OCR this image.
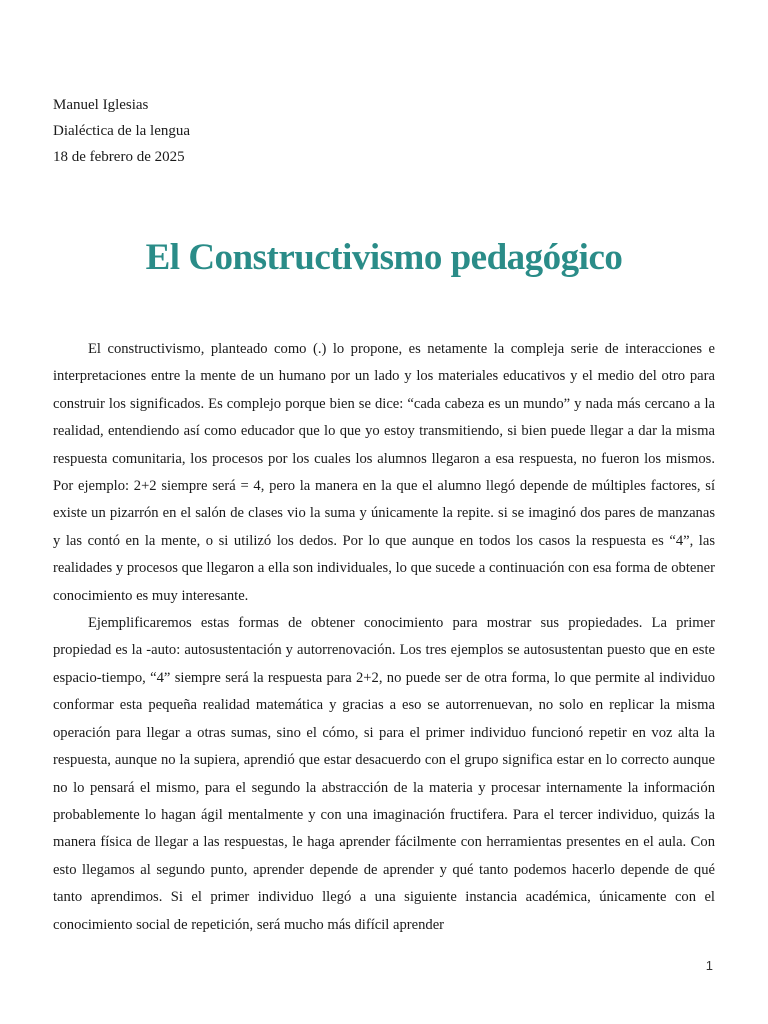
Manuel Iglesias
Dialéctica de la lengua
18 de febrero de 2025
El Constructivismo pedagógico

El constructivismo, planteado como (.) lo propone, es netamente la compleja serie de interacciones e interpretaciones entre la mente de un humano por un lado y los materiales educativos y el medio del otro para construir los significados. Es complejo porque bien se dice: “cada cabeza es un mundo” y nada más cercano a la realidad, entendiendo así como educador que lo que yo estoy transmitiendo, si bien puede llegar a dar la misma respuesta comunitaria, los procesos por los cuales los alumnos llegaron a esa respuesta, no fueron los mismos. Por ejemplo: 2+2 siempre será = 4, pero la manera en la que el alumno llegó depende de múltiples factores, sí existe un pizarrón en el salón de clases vio la suma y únicamente la repite. si se imaginó dos pares de manzanas y las contó en la mente, o si utilizó los dedos. Por lo que aunque en todos los casos la respuesta es “4”, las realidades y procesos que llegaron a ella son individuales, lo que sucede a continuación con esa forma de obtener conocimiento es muy interesante.

Ejemplificaremos estas formas de obtener conocimiento para mostrar sus propiedades. La primer propiedad es la -auto: autosustentación y autorrenovación. Los tres ejemplos se autosustentan puesto que en este espacio-tiempo, “4” siempre será la respuesta para 2+2, no puede ser de otra forma, lo que permite al individuo conformar esta pequeña realidad matemática y gracias a eso se autorrenuevan, no solo en replicar la misma operación para llegar a otras sumas, sino el cómo, si para el primer individuo funcionó repetir en voz alta la respuesta, aunque no la supiera, aprendió que estar desacuerdo con el grupo significa estar en lo correcto aunque no lo pensará el mismo, para el segundo la abstracción de la materia y procesar internamente la información probablemente lo hagan ágil mentalmente y con una imaginación fructifera. Para el tercer individuo, quizás la manera física de llegar a las respuestas, le haga aprender fácilmente con herramientas presentes en el aula. Con esto llegamos al segundo punto, aprender depende de aprender y qué tanto podemos hacerlo depende de qué tanto aprendimos. Si el primer individuo llegó a una siguiente instancia académica, únicamente con el conocimiento social de repetición, será mucho más difícil aprender

1
